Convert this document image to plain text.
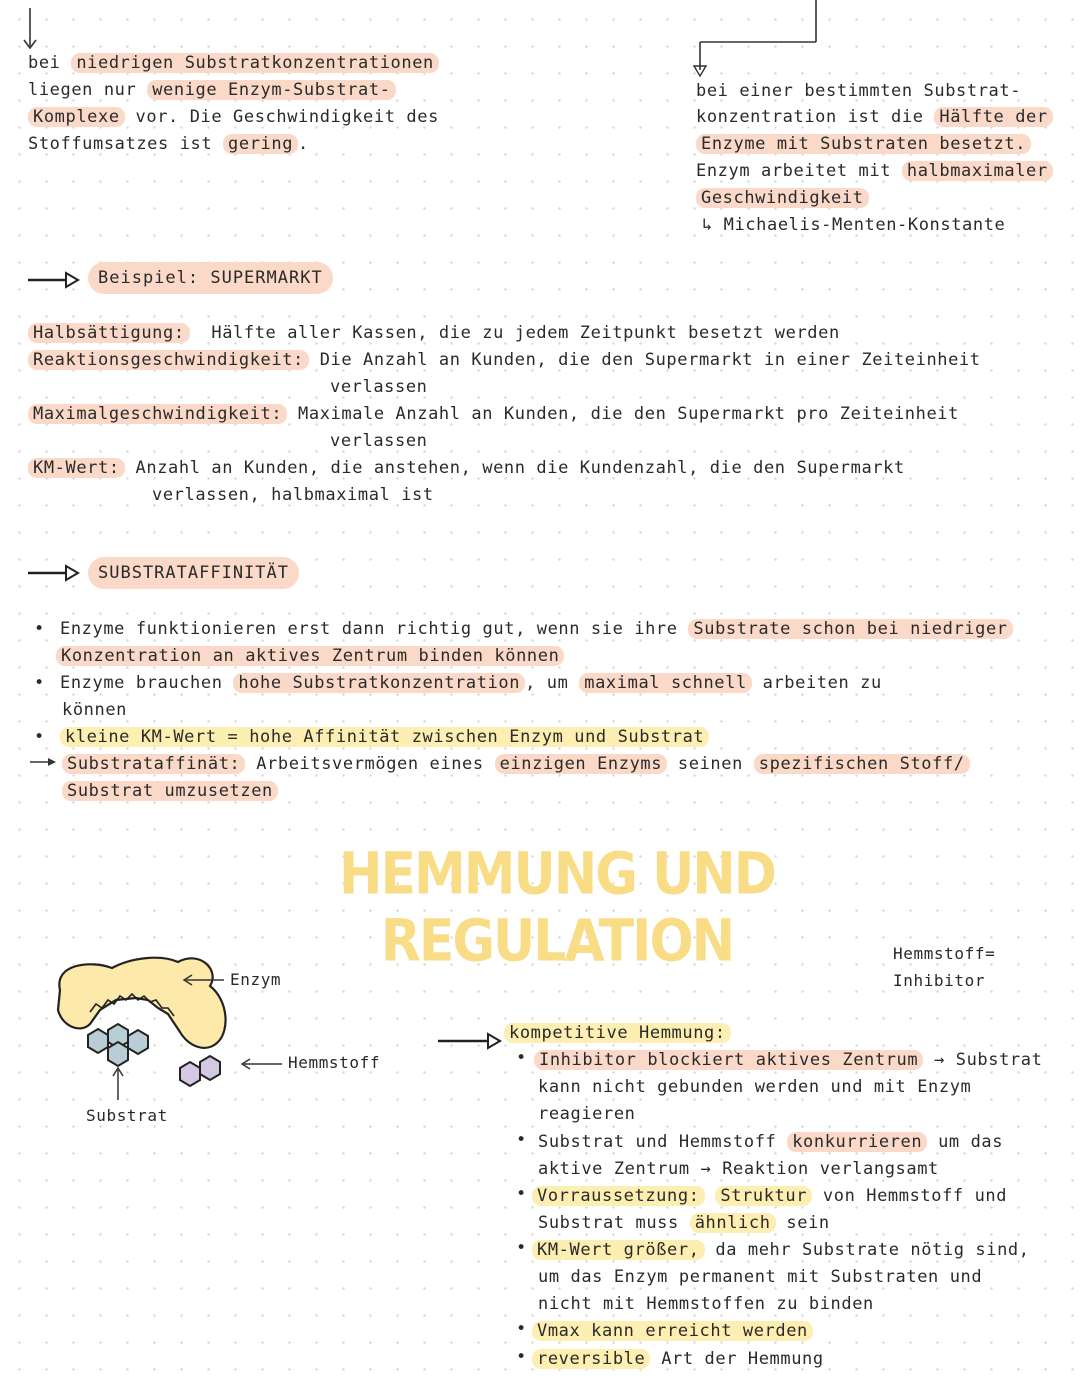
bei niedrigen Substratkonzentrationen
liegen nur wenige Enzym-Substrat-
Komplexe vor. Die Geschwindigkeit des
Stoffumsatzes ist gering .
bei einer bestimmten Substrat-
konzentration ist die Hälfte der
Enzyme mit Substraten besetzt.
Enzym arbeitet mit halbmaximaler
Geschwindigkeit
↳ Michaelis-Menten-Konstante
Beispiel: SUPERMARKT
Halbsättigung: Hälfte aller Kassen, die zu jedem Zeitpunkt besetzt werden
Reaktionsgeschwindigkeit: Die Anzahl an Kunden, die den Supermarkt in einer Zeiteinheit
verlassen
Maximalgeschwindigkeit: Maximale Anzahl an Kunden, die den Supermarkt pro Zeiteinheit
verlassen
KM-Wert: Anzahl an Kunden, die anstehen, wenn die Kundenzahl, die den Supermarkt
verlassen, halbmaximal ist
SUBSTRATAFFINITÄT
• Enzyme funktionieren erst dann richtig gut, wenn sie ihre Substrate schon bei niedriger
Konzentration an aktives Zentrum binden können
• Enzyme brauchen hohe Substratkonzentration , um maximal schnell arbeiten zu
können
• kleine KM-Wert = hohe Affinität zwischen Enzym und Substrat
Substrataffinät: Arbeitsvermögen eines einzigen Enzyms seinen spezifischen Stoff/
Substrat umzusetzen
HEMMUNG UND REGULATION
Enzym
Hemmstoff
Substrat
Hemmstoff=
Inhibitor
kompetitive Hemmung:
• Inhibitor blockiert aktives Zentrum → Substrat
kann nicht gebunden werden und mit Enzym
reagieren
• Substrat und Hemmstoff konkurrieren um das
aktive Zentrum → Reaktion verlangsamt
• Vorraussetzung: Struktur von Hemmstoff und
Substrat muss ähnlich sein
• KM-Wert größer, da mehr Substrate nötig sind,
um das Enzym permanent mit Substraten und
nicht mit Hemmstoffen zu binden
• Vmax kann erreicht werden
• reversible Art der Hemmung
